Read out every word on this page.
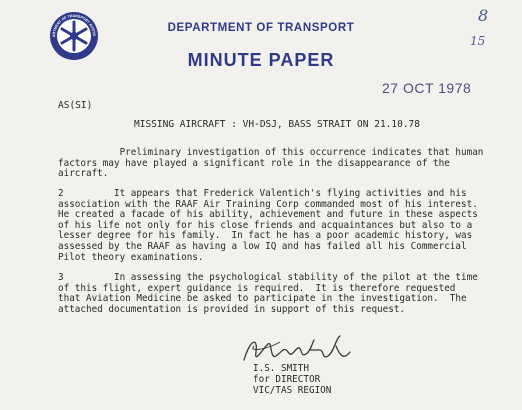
ARTMENT OF TRANSPORT AUSTR
DEPARTMENT OF TRANSPORT
MINUTE PAPER
8
15
27 OCT 1978
AS(SI)
MISSING AIRCRAFT : VH-DSJ, BASS STRAIT ON 21.10.78
Preliminary investigation of this occurrence indicates that human
factors may have played a significant role in the disappearance of the
aircraft.
2         It appears that Frederick Valentich's flying activities and his
association with the RAAF Air Training Corp commanded most of his interest.
He created a facade of his ability, achievement and future in these aspects
of his life not only for his close friends and acquaintances but also to a
lesser degree for his family.  In fact he has a poor academic history, was
assessed by the RAAF as having a low IQ and has failed all his Commercial
Pilot theory examinations.
3         In assessing the psychological stability of the pilot at the time
of this flight, expert guidance is required.  It is therefore requested
that Aviation Medicine be asked to participate in the investigation.  The
attached documentation is provided in support of this request.
I.S. SMITH
for DIRECTOR
VIC/TAS REGION
